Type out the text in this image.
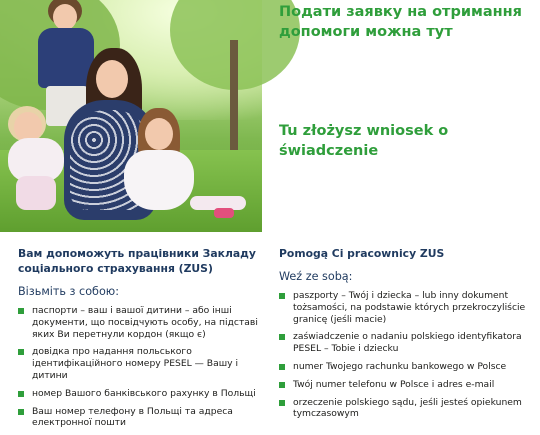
Подати заявку на отримання допомоги можна тут
Tu złożysz wniosek o świadczenie
Вам допоможуть працівники Закладу соціального страхування (ZUS)
Візьміть з собою:
паспорти – ваш і вашої дитини – або інші документи, що посвідчують особу, на підставі яких Ви перетнули кордон (якщо є)
довідка про надання польського ідентифікаційного номеру PESEL — Вашу і дитини
номер Вашого банківського рахунку в Польщі
Ваш номер телефону в Польщі та адреса електронної пошти
Pomogą Ci pracownicy ZUS
Weź ze sobą:
paszporty – Twój i dziecka – lub inny dokument tożsamości, na podstawie których przekroczyliście granicę (jeśli macie)
zaświadczenie o nadaniu polskiego identyfikatora PESEL – Tobie i dziecku
numer Twojego rachunku bankowego w Polsce
Twój numer telefonu w Polsce i adres e-mail
orzeczenie polskiego sądu, jeśli jesteś opiekunem tymczasowym
